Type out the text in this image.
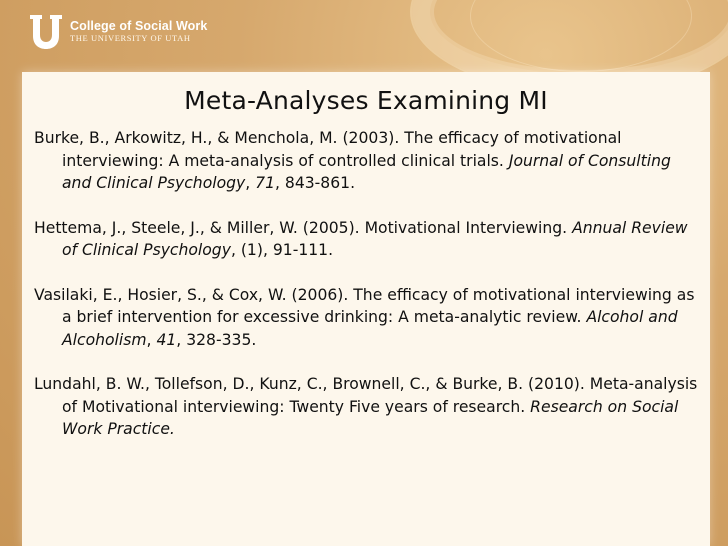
College of Social Work
THE UNIVERSITY OF UTAH
Meta-Analyses Examining MI
Burke, B., Arkowitz, H., & Menchola, M. (2003). The efficacy of motivational interviewing: A meta-analysis of controlled clinical trials. Journal of Consulting and Clinical Psychology, 71, 843-861.
Hettema, J., Steele, J., & Miller, W. (2005). Motivational Interviewing. Annual Review of Clinical Psychology, (1), 91-111.
Vasilaki, E., Hosier, S., & Cox, W. (2006). The efficacy of motivational interviewing as a brief intervention for excessive drinking: A meta-analytic review. Alcohol and Alcoholism, 41, 328-335.
Lundahl, B. W., Tollefson, D., Kunz, C., Brownell, C., & Burke, B. (2010). Meta-analysis of Motivational interviewing: Twenty Five years of research. Research on Social Work Practice.
